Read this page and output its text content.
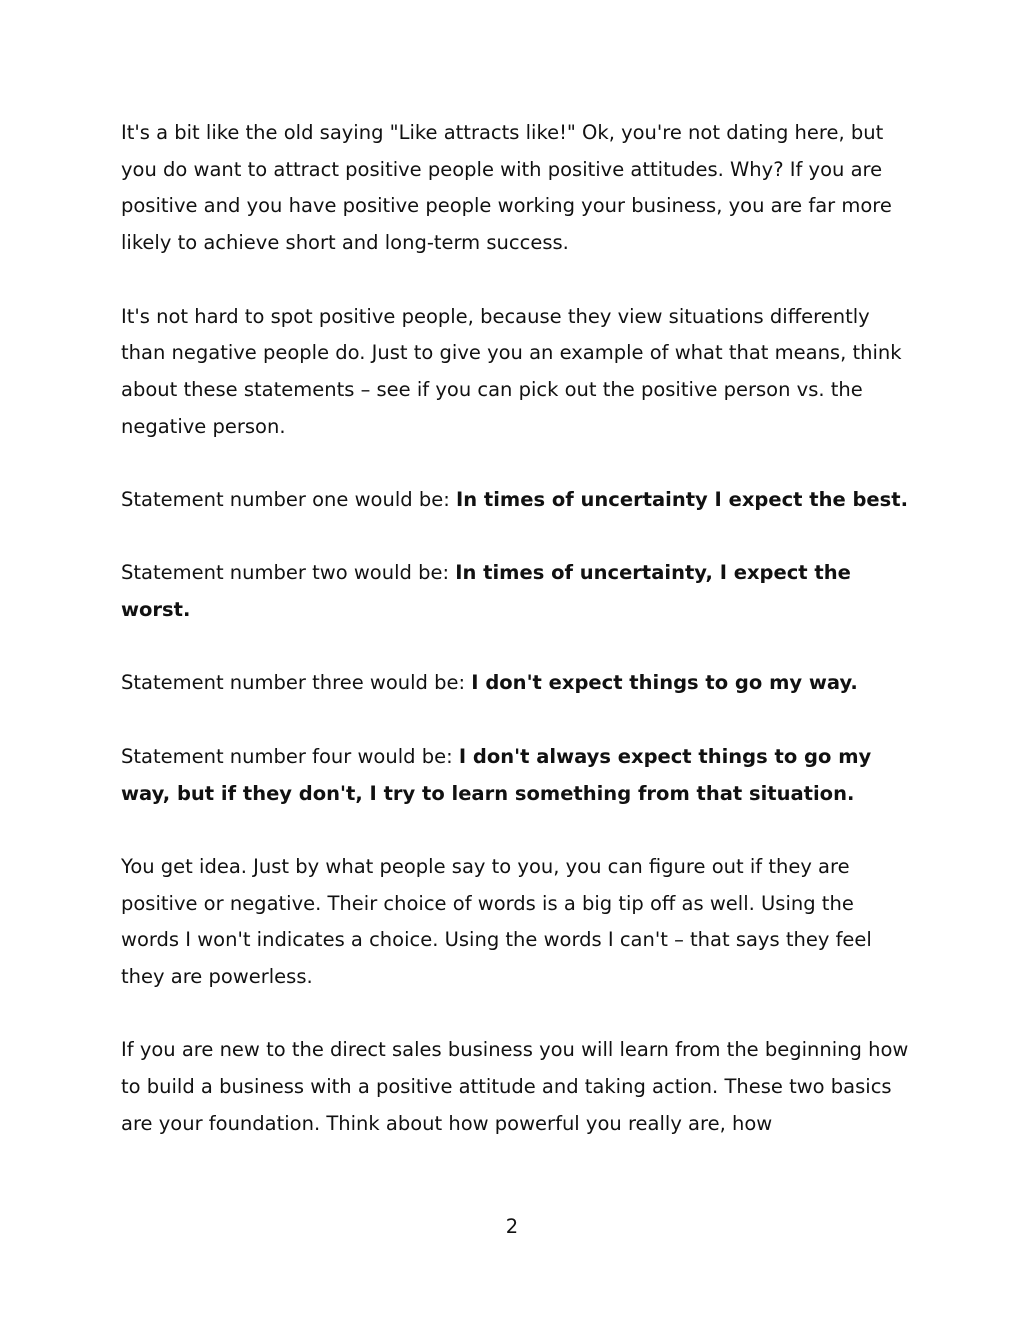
It's a bit like the old saying "Like attracts like!" Ok, you're not dating here, but you do want to attract positive people with positive attitudes. Why? If you are positive and you have positive people working your business, you are far more likely to achieve short and long-term success.

It's not hard to spot positive people, because they view situations differently than negative people do. Just to give you an example of what that means, think about these statements – see if you can pick out the positive person vs. the negative person.

Statement number one would be: In times of uncertainty I expect the best.

Statement number two would be: In times of uncertainty, I expect the worst.

Statement number three would be: I don't expect things to go my way.

Statement number four would be: I don't always expect things to go my way, but if they don't, I try to learn something from that situation.

You get idea. Just by what people say to you, you can figure out if they are positive or negative. Their choice of words is a big tip off as well. Using the words I won't indicates a choice. Using the words I can't – that says they feel they are powerless.

If you are new to the direct sales business you will learn from the beginning how to build a business with a positive attitude and taking action. These two basics are your foundation. Think about how powerful you really are, how

2
